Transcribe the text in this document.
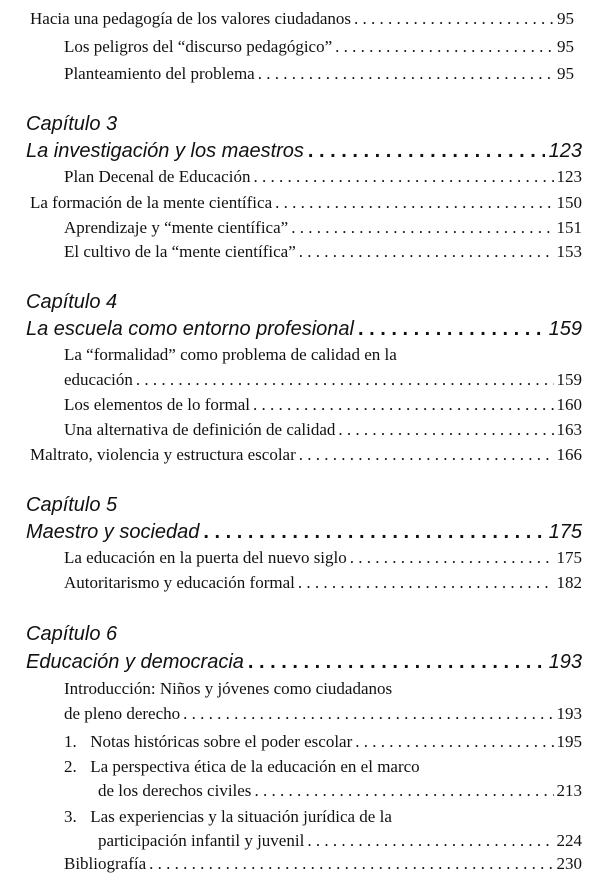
Hacia una pedagogía de los valores ciudadanos . . .	95
Los peligros del “discurso pedagógico” . . .	95
Planteamiento del problema . . .	95
Capítulo 3
La investigación y los maestros . . .	123
Plan Decenal de Educación . . .	123
La formación de la mente científica . . .	150
Aprendizaje y “mente científica” . . .	151
El cultivo de la “mente científica” . . .	153
Capítulo 4
La escuela como entorno profesional . . .	159
La “formalidad” como problema de calidad en la
educación . . .	159
Los elementos de lo formal . . .	160
Una alternativa de definición de calidad . . .	163
Maltrato, violencia y estructura escolar . . .	166
Capítulo 5
Maestro y sociedad . . .	175
La educación en la puerta del nuevo siglo . . .	175
Autoritarismo y educación formal . . .	182
Capítulo 6
Educación y democracia . . .	193
Introducción: Niños y jóvenes como ciudadanos
de pleno derecho . . .	193
1. Notas históricas sobre el poder escolar . . .	195
2. La perspectiva ética de la educación en el marco
de los derechos civiles . . .	213
3. Las experiencias y la situación jurídica de la
participación infantil y juvenil . . .	224
Bibliografía . . .	230
